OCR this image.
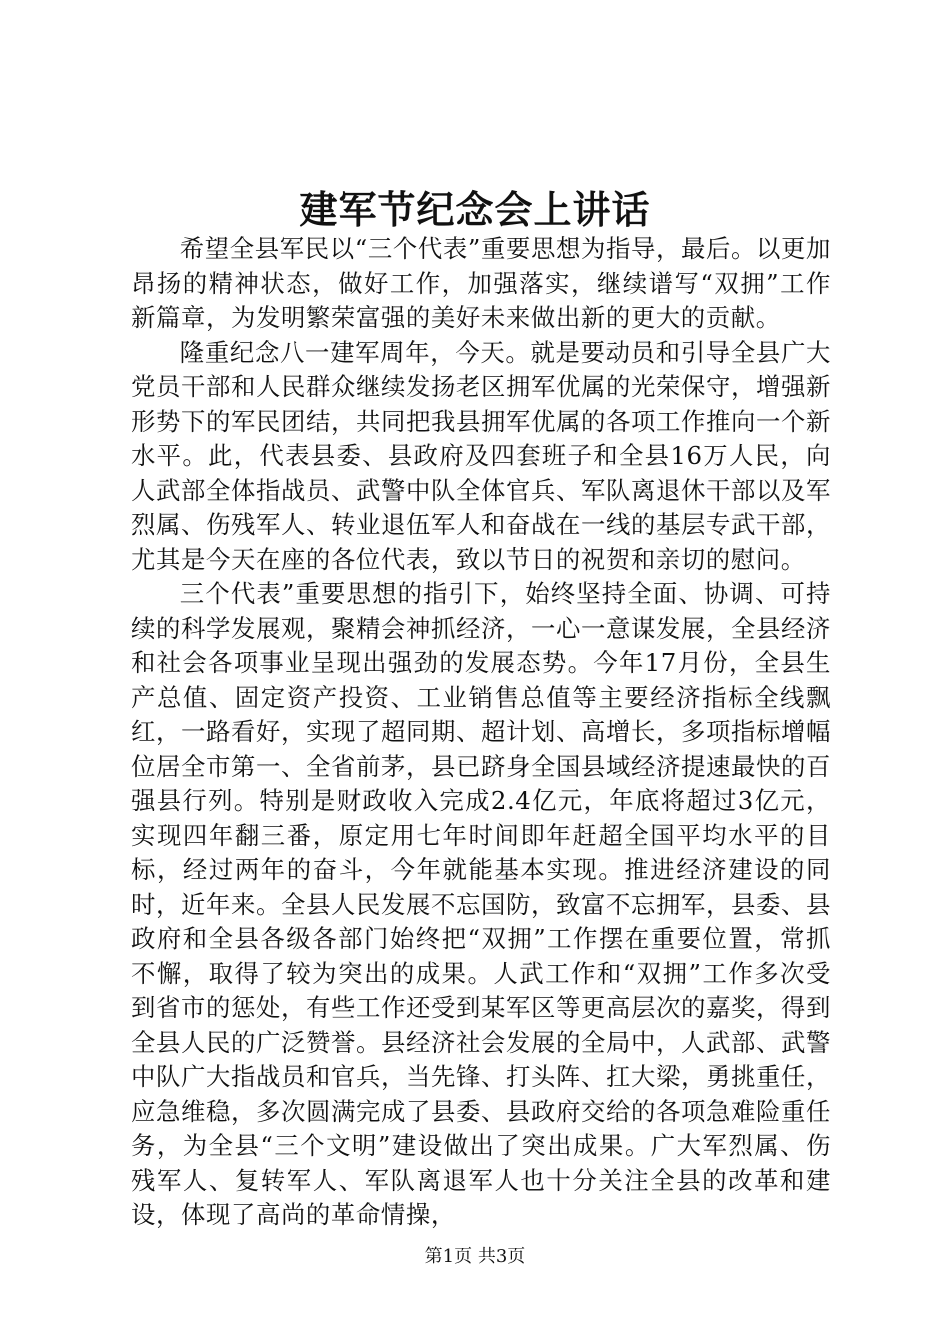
建军节纪念会上讲话

希望全县军民以“三个代表”重要思想为指导，最后。以更加昂扬的精神状态，做好工作，加强落实，继续谱写“双拥”工作新篇章，为发明繁荣富强的美好未来做出新的更大的贡献。

隆重纪念八一建军周年，今天。就是要动员和引导全县广大党员干部和人民群众继续发扬老区拥军优属的光荣保守，增强新形势下的军民团结，共同把我县拥军优属的各项工作推向一个新水平。此，代表县委、县政府及四套班子和全县16万人民，向人武部全体指战员、武警中队全体官兵、军队离退休干部以及军烈属、伤残军人、转业退伍军人和奋战在一线的基层专武干部，尤其是今天在座的各位代表，致以节日的祝贺和亲切的慰问。

三个代表”重要思想的指引下，始终坚持全面、协调、可持续的科学发展观，聚精会神抓经济，一心一意谋发展，全县经济和社会各项事业呈现出强劲的发展态势。今年17月份，全县生产总值、固定资产投资、工业销售总值等主要经济指标全线飘红，一路看好，实现了超同期、超计划、高增长，多项指标增幅位居全市第一、全省前茅，县已跻身全国县域经济提速最快的百强县行列。特别是财政收入完成2.4亿元，年底将超过3亿元，实现四年翻三番，原定用七年时间即年赶超全国平均水平的目标，经过两年的奋斗，今年就能基本实现。推进经济建设的同时，近年来。全县人民发展不忘国防，致富不忘拥军，县委、县政府和全县各级各部门始终把“双拥”工作摆在重要位置，常抓不懈，取得了较为突出的成果。人武工作和“双拥”工作多次受到省市的惩处，有些工作还受到某军区等更高层次的嘉奖，得到全县人民的广泛赞誉。县经济社会发展的全局中，人武部、武警中队广大指战员和官兵，当先锋、打头阵、扛大梁，勇挑重任，应急维稳，多次圆满完成了县委、县政府交给的各项急难险重任务，为全县“三个文明”建设做出了突出成果。广大军烈属、伤残军人、复转军人、军队离退军人也十分关注全县的改革和建设，体现了高尚的革命情操，

第1页 共3页
